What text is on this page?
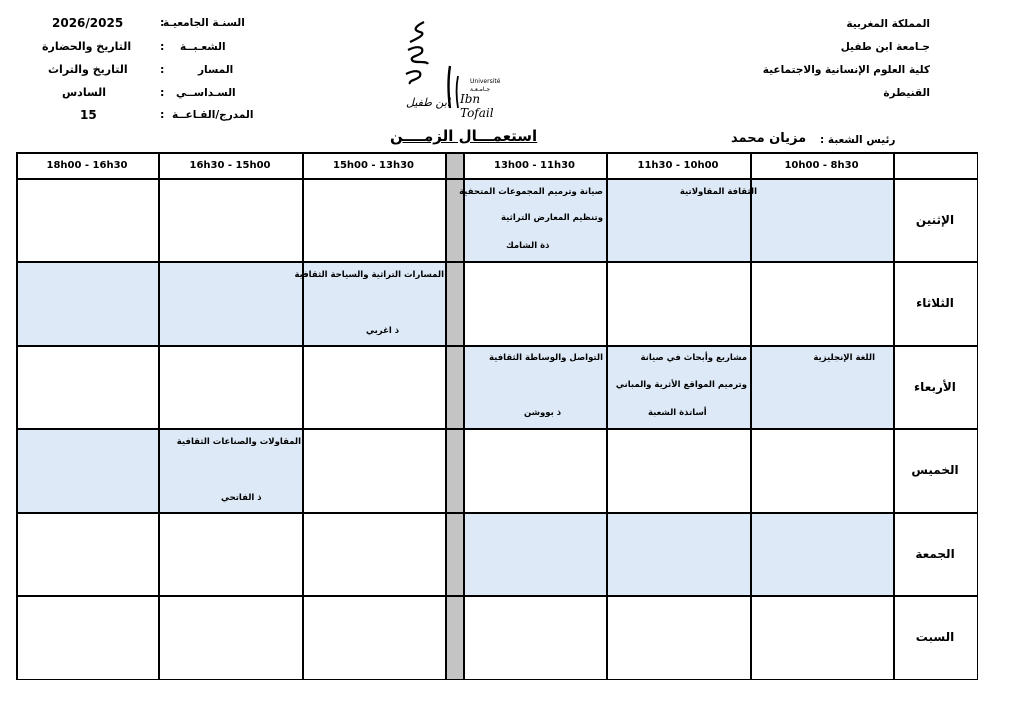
السنـة الجامعيـة
:
2026/2025
الشعـبــة
:
التاريخ والحضارة
المسار
:
التاريخ والتراث
السـداســي
:
السادس
المدرج/القـاعــة
:
15
المملكة المغربية
جـامعة ابن طفيل
كلية العلوم الإنسانية والاجتماعية
القنيطرة
Université
جـامـعـة
Ibn Tofail
ابن طفيل
استعمـــال الزمــــن	رئيس الشعبة :
مزيان محمد
10h00 - 8h30
11h30 - 10h00
13h00 - 11h30
15h00 - 13h30
16h30 - 15h00
18h00 - 16h30
الإثنين
الثلاثاء
الأربعاء
الخميس
الجمعة
السبت
الثقافة المقاولاتية
صيانة وترميم المجموعات المتحفية
وتنظيم المعارض التراثية
ذة الشامك
المسارات التراثية والسياحة الثقافية
ذ اغربي
اللغة الإنجليزية
مشاريع وأبحاث في صيانة
وترميم المواقع الأثرية والمباني
أساتذة الشعبة
التواصل والوساطة الثقافية
ذ بووشن
المقاولات والصناعات الثقافية
ذ الفاتحي
